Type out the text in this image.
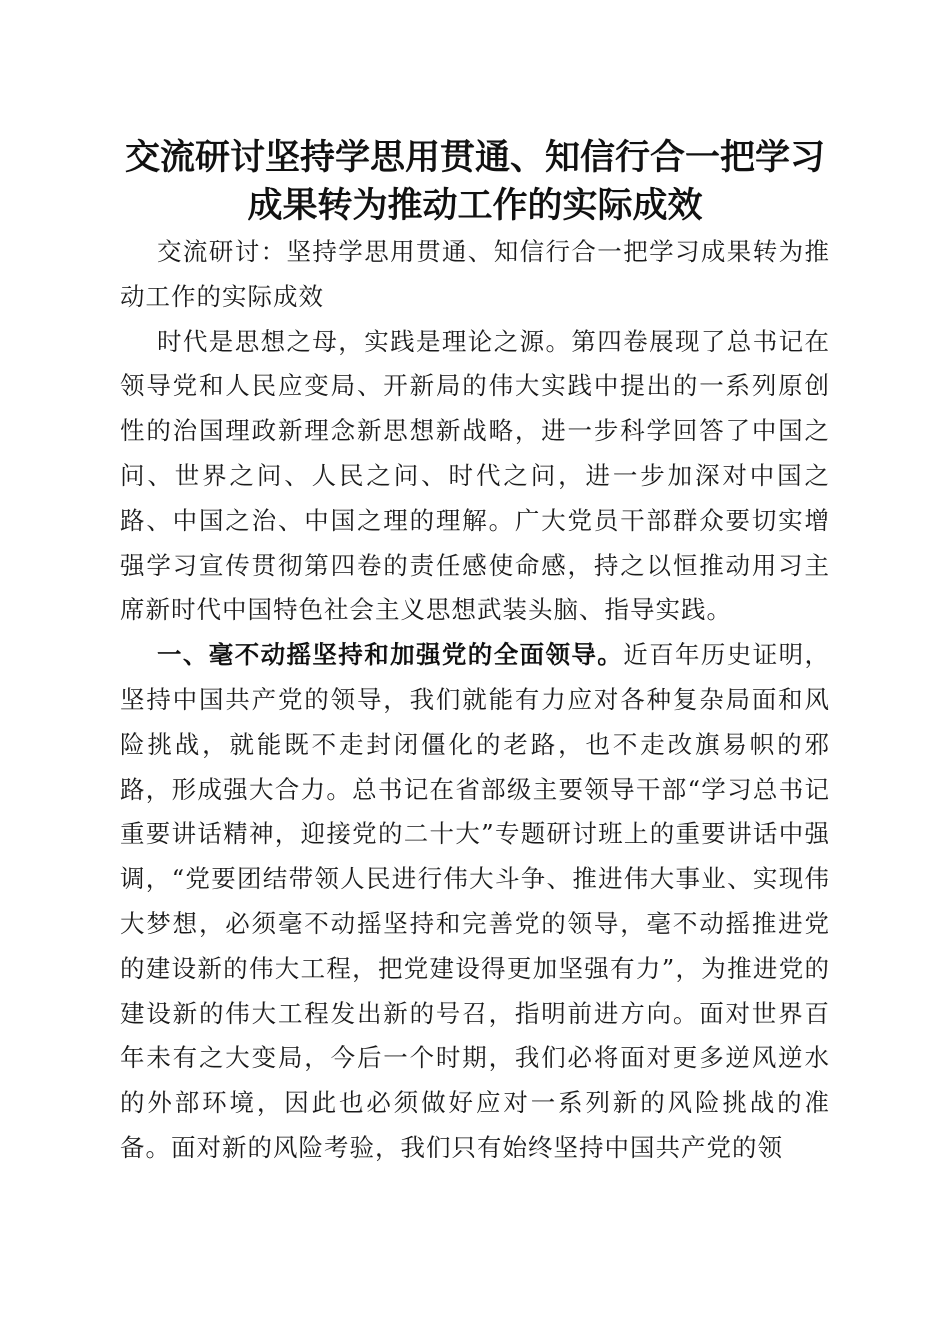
交流研讨坚持学思用贯通、知信行合一把学习
成果转为推动工作的实际成效

交流研讨：坚持学思用贯通、知信行合一把学习成果转为推动工作的实际成效

时代是思想之母，实践是理论之源。第四卷展现了总书记在领导党和人民应变局、开新局的伟大实践中提出的一系列原创性的治国理政新理念新思想新战略，进一步科学回答了中国之问、世界之问、人民之问、时代之问，进一步加深对中国之路、中国之治、中国之理的理解。广大党员干部群众要切实增强学习宣传贯彻第四卷的责任感使命感，持之以恒推动用习主席新时代中国特色社会主义思想武装头脑、指导实践。

一、毫不动摇坚持和加强党的全面领导。近百年历史证明，坚持中国共产党的领导，我们就能有力应对各种复杂局面和风险挑战，就能既不走封闭僵化的老路，也不走改旗易帜的邪路，形成强大合力。总书记在省部级主要领导干部“学习总书记重要讲话精神，迎接党的二十大”专题研讨班上的重要讲话中强调，“党要团结带领人民进行伟大斗争、推进伟大事业、实现伟大梦想，必须毫不动摇坚持和完善党的领导，毫不动摇推进党的建设新的伟大工程，把党建设得更加坚强有力”，为推进党的建设新的伟大工程发出新的号召，指明前进方向。面对世界百年未有之大变局，今后一个时期，我们必将面对更多逆风逆水的外部环境，因此也必须做好应对一系列新的风险挑战的准备。面对新的风险考验，我们只有始终坚持中国共产党的领
